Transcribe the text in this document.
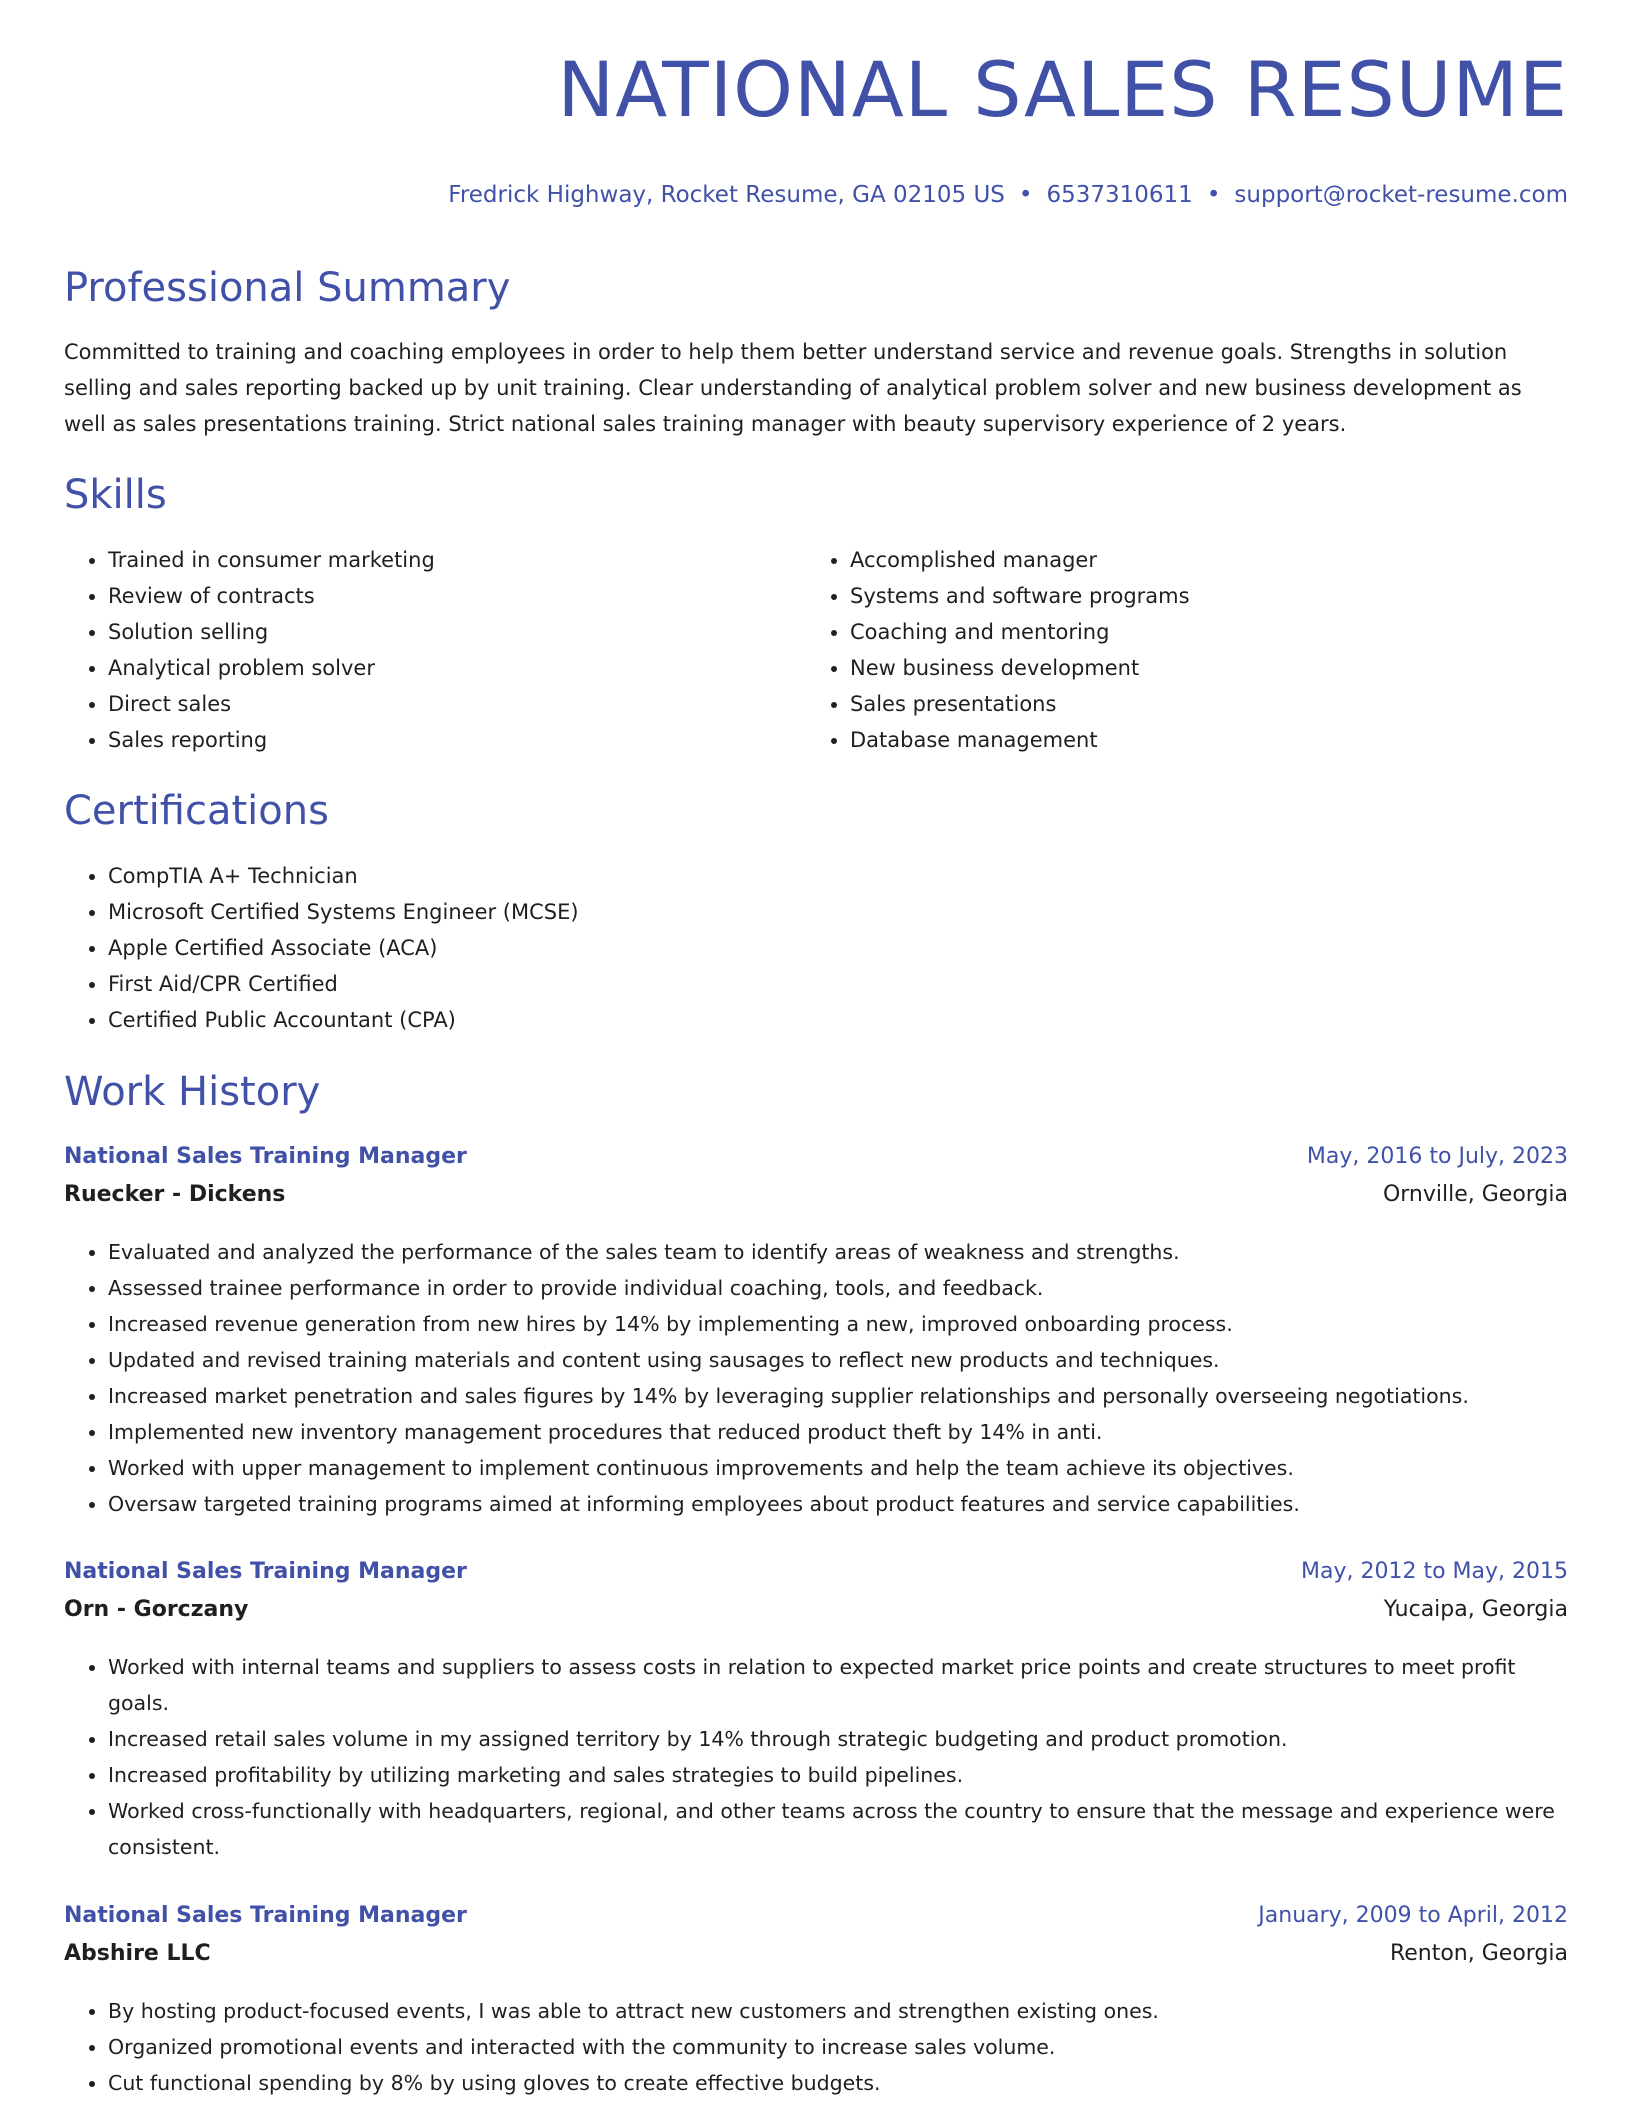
NATIONAL SALES RESUME
Fredrick Highway, Rocket Resume, GA 02105 US • 6537310611 • support@rocket-resume.com
Professional Summary

Committed to training and coaching employees in order to help them better understand service and revenue goals. Strengths in solution selling and sales reporting backed up by unit training. Clear understanding of analytical problem solver and new business development as well as sales presentations training. Strict national sales training manager with beauty supervisory experience of 2 years.

Skills
• Trained in consumer marketing
• Review of contracts
• Solution selling
• Analytical problem solver
• Direct sales
• Sales reporting
• Accomplished manager
• Systems and software programs
• Coaching and mentoring
• New business development
• Sales presentations
• Database management
Certifications
• CompTIA A+ Technician
• Microsoft Certified Systems Engineer (MCSE)
• Apple Certified Associate (ACA)
• First Aid/CPR Certified
• Certified Public Accountant (CPA)
Work History
National Sales Training Manager	May, 2016 to July, 2023
Ruecker - Dickens	Ornville, Georgia
• Evaluated and analyzed the performance of the sales team to identify areas of weakness and strengths.
• Assessed trainee performance in order to provide individual coaching, tools, and feedback.
• Increased revenue generation from new hires by 14% by implementing a new, improved onboarding process.
• Updated and revised training materials and content using sausages to reflect new products and techniques.
• Increased market penetration and sales figures by 14% by leveraging supplier relationships and personally overseeing negotiations.
• Implemented new inventory management procedures that reduced product theft by 14% in anti.
• Worked with upper management to implement continuous improvements and help the team achieve its objectives.
• Oversaw targeted training programs aimed at informing employees about product features and service capabilities.
National Sales Training Manager	May, 2012 to May, 2015
Orn - Gorczany	Yucaipa, Georgia
• Worked with internal teams and suppliers to assess costs in relation to expected market price points and create structures to meet profit goals.
• Increased retail sales volume in my assigned territory by 14% through strategic budgeting and product promotion.
• Increased profitability by utilizing marketing and sales strategies to build pipelines.
• Worked cross-functionally with headquarters, regional, and other teams across the country to ensure that the message and experience were consistent.
National Sales Training Manager	January, 2009 to April, 2012
Abshire LLC	Renton, Georgia
• By hosting product-focused events, I was able to attract new customers and strengthen existing ones.
• Organized promotional events and interacted with the community to increase sales volume.
• Cut functional spending by 8% by using gloves to create effective budgets.
